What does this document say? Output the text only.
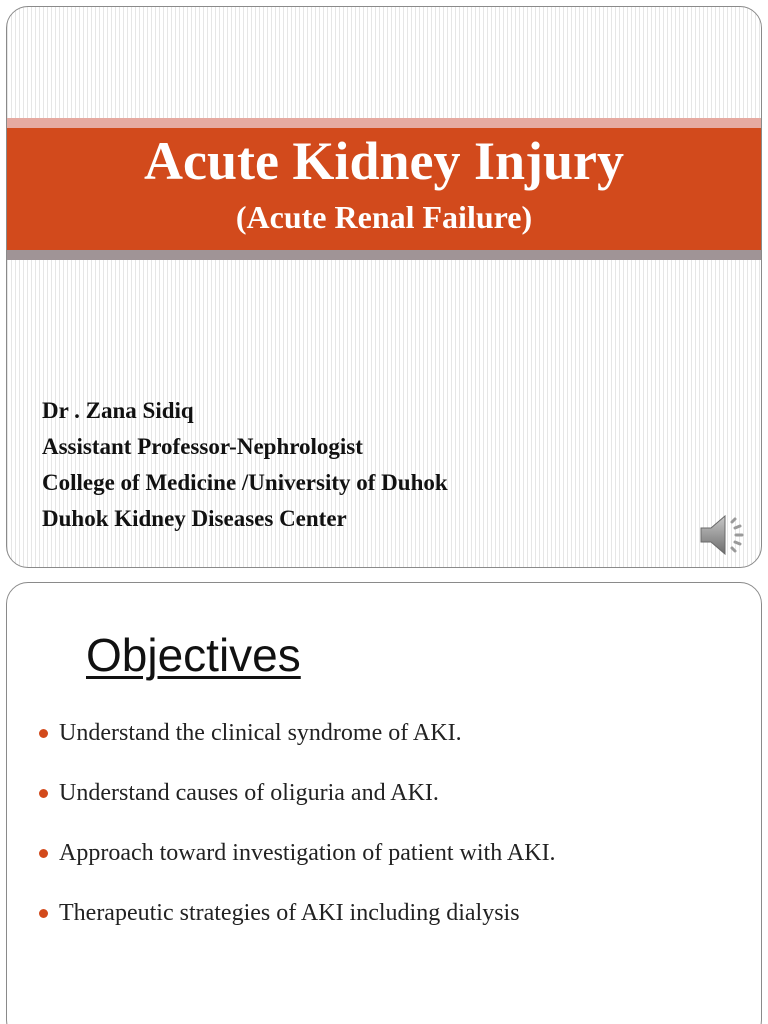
Acute Kidney Injury
(Acute Renal Failure)
Dr . Zana Sidiq
Assistant Professor-Nephrologist
College of Medicine /University of Duhok
Duhok Kidney Diseases Center
Objectives
Understand the clinical syndrome of AKI.
Understand causes of oliguria and AKI.
Approach toward investigation of patient with AKI.
Therapeutic strategies of AKI including dialysis
